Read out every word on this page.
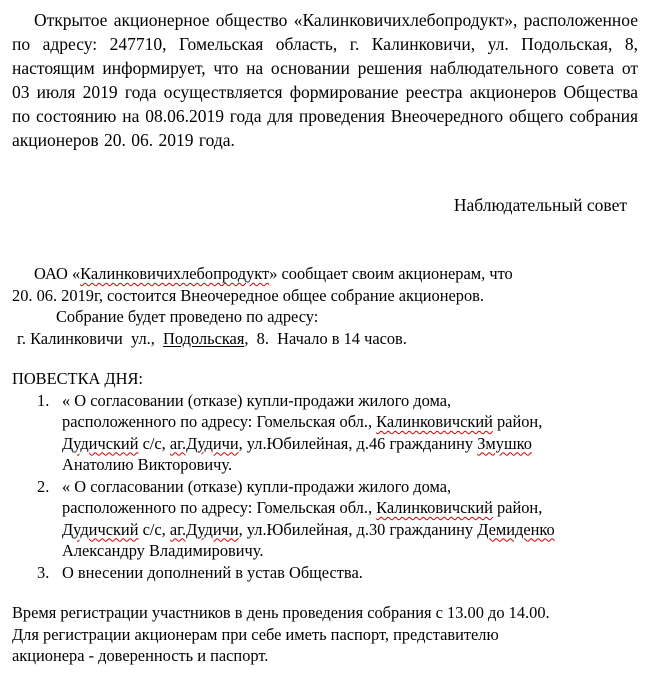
Открытое акционерное общество «Калинковичихлебопродукт», расположенное по адресу: 247710, Гомельская область, г. Калинковичи, ул. Подольская, 8, настоящим информирует, что на основании решения наблюдательного совета от 03 июля 2019 года осуществляется формирование реестра акционеров Общества по состоянию на 08.06.2019 года для проведения Внеочередного общего собрания акционеров 20. 06. 2019 года.

Наблюдательный совет

ОАО «Калинковичихлебопродукт» сообщает своим акционерам, что

20. 06. 2019г, состоится Внеочередное общее собрание акционеров.

Собрание будет проведено по адресу:

г. Калинковичи  ул.,  Подольская,  8.  Начало в 14 часов.

ПОВЕСТКА ДНЯ:

1. « О согласовании (отказе) купли-продажи жилого дома,
расположенного по адресу: Гомельская обл., Калинковичский район,
Дудичский с/с, аг.Дудичи, ул.Юбилейная, д.46 гражданину Змушко
Анатолию Викторовичу.
2. « О согласовании (отказе) купли-продажи жилого дома,
расположенного по адресу: Гомельская обл., Калинковичский район,
Дудичский с/с, аг.Дудичи, ул.Юбилейная, д.30 гражданину Демиденко
Александру Владимировичу.
3. О внесении дополнений в устав Общества.

Время регистрации участников в день проведения собрания с 13.00 до 14.00.

Для регистрации акционерам при себе иметь паспорт, представителю

акционера - доверенность и паспорт.
